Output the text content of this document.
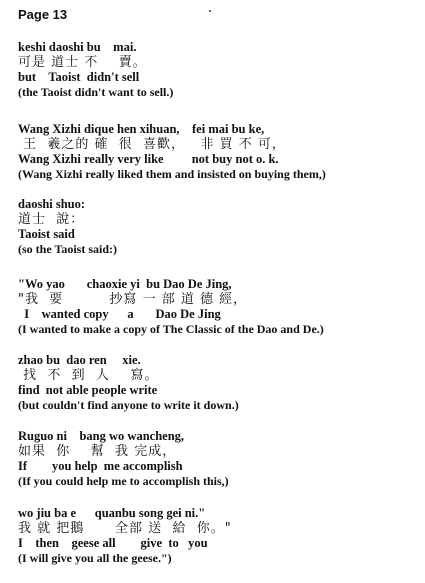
Page 13
keshi daoshi bu    mai.
可是 道士 不    賣。
but    Taoist  didn't sell
(the Taoist didn't want to sell.)
Wang Xizhi dique hen xihuan,    fei mai bu ke,
王  羲之的 確  很  喜歡，   非 買 不 可，
Wang Xizhi really very like         not buy not o. k.
(Wang Xizhi really liked them and insisted on buying them,)
daoshi shuo:
道士  說：
Taoist said
(so the Taoist said:)
"Wo yao       chaoxie yi  bu Dao De Jing,
"我  要         抄寫 一 部 道 德 經，
I    wanted copy      a       Dao De Jing
(I wanted to make a copy of The Classic of the Dao and De.)
zhao bu  dao ren     xie.
找  不  到  人    寫。
find  not able people write
(but couldn't find anyone to write it down.)
Ruguo ni    bang wo wancheng,
如果  你    幫  我 完成，
If        you help  me accomplish
(If you could help me to accomplish this,)
wo jiu ba e      quanbu song gei ni."
我 就 把鵝      全部 送  給  你。"
I    then    geese all        give  to   you
(I will give you all the geese.")
